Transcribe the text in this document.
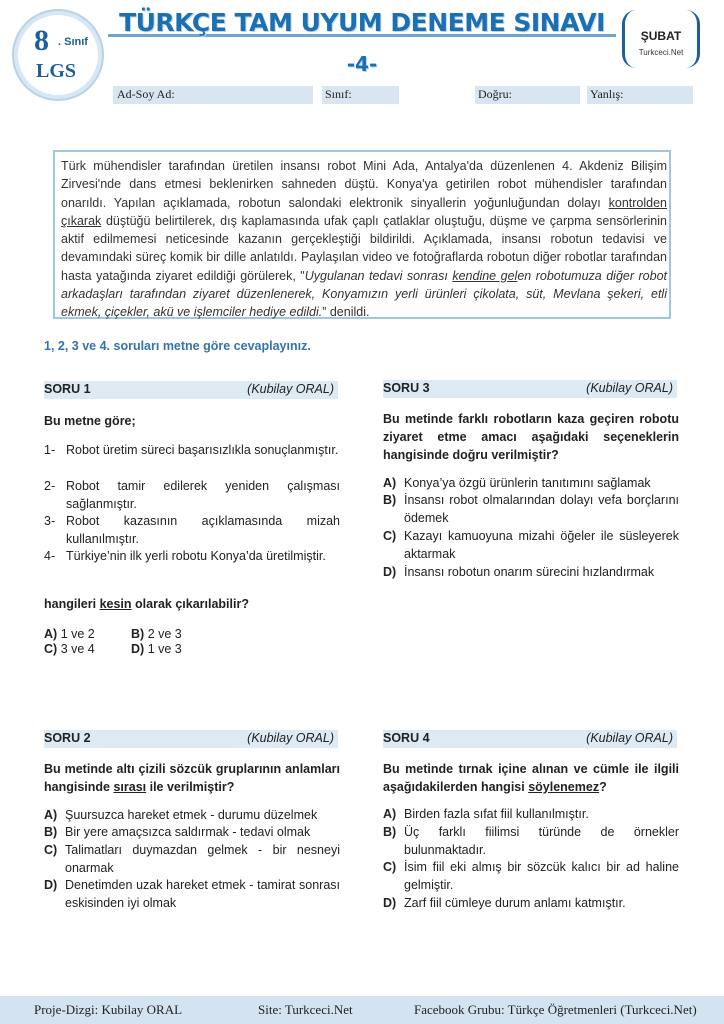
8 . Sınıf
LGS
TÜRKÇE TAM UYUM DENEME SINAVI
-4-
ŞUBAT
Turkceci.Net
Ad-Soy Ad:	Sınıf:	Doğru:	Yanlış:

Türk mühendisler tarafından üretilen insansı robot Mini Ada, Antalya'da düzenlenen 4. Akdeniz Bilişim Zirvesi'nde dans etmesi beklenirken sahneden düştü. Konya'ya getirilen robot mühendisler tarafından onarıldı. Yapılan açıklamada, robotun salondaki elektronik sinyallerin yoğunluğundan dolayı kontrolden çıkarak düştüğü belirtilerek, dış kaplamasında ufak çaplı çatlaklar oluştuğu, düşme ve çarpma sensörlerinin aktif edilmemesi neticesinde kazanın gerçekleştiği bildirildi. Açıklamada, insansı robotun tedavisi ve devamındaki süreç komik bir dille anlatıldı. Paylaşılan video ve fotoğraflarda robotun diğer robotlar tarafından hasta yatağında ziyaret edildiği görülerek, "Uygulanan tedavi sonrası kendine gelen robotumuza diğer robot arkadaşları tarafından ziyaret düzenlenerek, Konyamızın yerli ürünleri çikolata, süt, Mevlana şekeri, etli ekmek, çiçekler, akü ve işlemciler hediye edildi.” denildi.

1, 2, 3 ve 4. soruları metne göre cevaplayınız.
SORU 1	(Kubilay ORAL)
Bu metne göre;
1- Robot üretim süreci başarısızlıkla sonuçlanmıştır.
2- Robot tamir edilerek yeniden çalışması sağlanmıştır.
3- Robot kazasının açıklamasında mizah kullanılmıştır.
4- Türkiye’nin ilk yerli robotu Konya’da üretilmiştir.
hangileri kesin olarak çıkarılabilir?
A) 1 ve 2	B) 2 ve 3
C) 3 ve 4	D) 1 ve 3
SORU 3	(Kubilay ORAL)
Bu metinde farklı robotların kaza geçiren robotu ziyaret etme amacı aşağıdaki seçeneklerin hangisinde doğru verilmiştir?
A) Konya’ya özgü ürünlerin tanıtımını sağlamak
B) İnsansı robot olmalarından dolayı vefa borçlarını ödemek
C) Kazayı kamuoyuna mizahi öğeler ile süsleyerek aktarmak
D) İnsansı robotun onarım sürecini hızlandırmak
SORU 2	(Kubilay ORAL)
Bu metinde altı çizili sözcük gruplarının anlamları hangisinde sırası ile verilmiştir?
A) Şuursuzca hareket etmek - durumu düzelmek
B) Bir yere amaçsızca saldırmak - tedavi olmak
C) Talimatları duymazdan gelmek - bir nesneyi onarmak
D) Denetimden uzak hareket etmek - tamirat sonrası eskisinden iyi olmak
SORU 4	(Kubilay ORAL)
Bu metinde tırnak içine alınan ve cümle ile ilgili aşağıdakilerden hangisi söylenemez?
A) Birden fazla sıfat fiil kullanılmıştır.
B) Üç farklı fiilimsi türünde de örnekler bulunmaktadır.
C) İsim fiil eki almış bir sözcük kalıcı bir ad haline gelmiştir.
D) Zarf fiil cümleye durum anlamı katmıştır.
Proje-Dizgi: Kubilay ORAL	Site: Turkceci.Net	Facebook Grubu: Türkçe Öğretmenleri (Turkceci.Net)
